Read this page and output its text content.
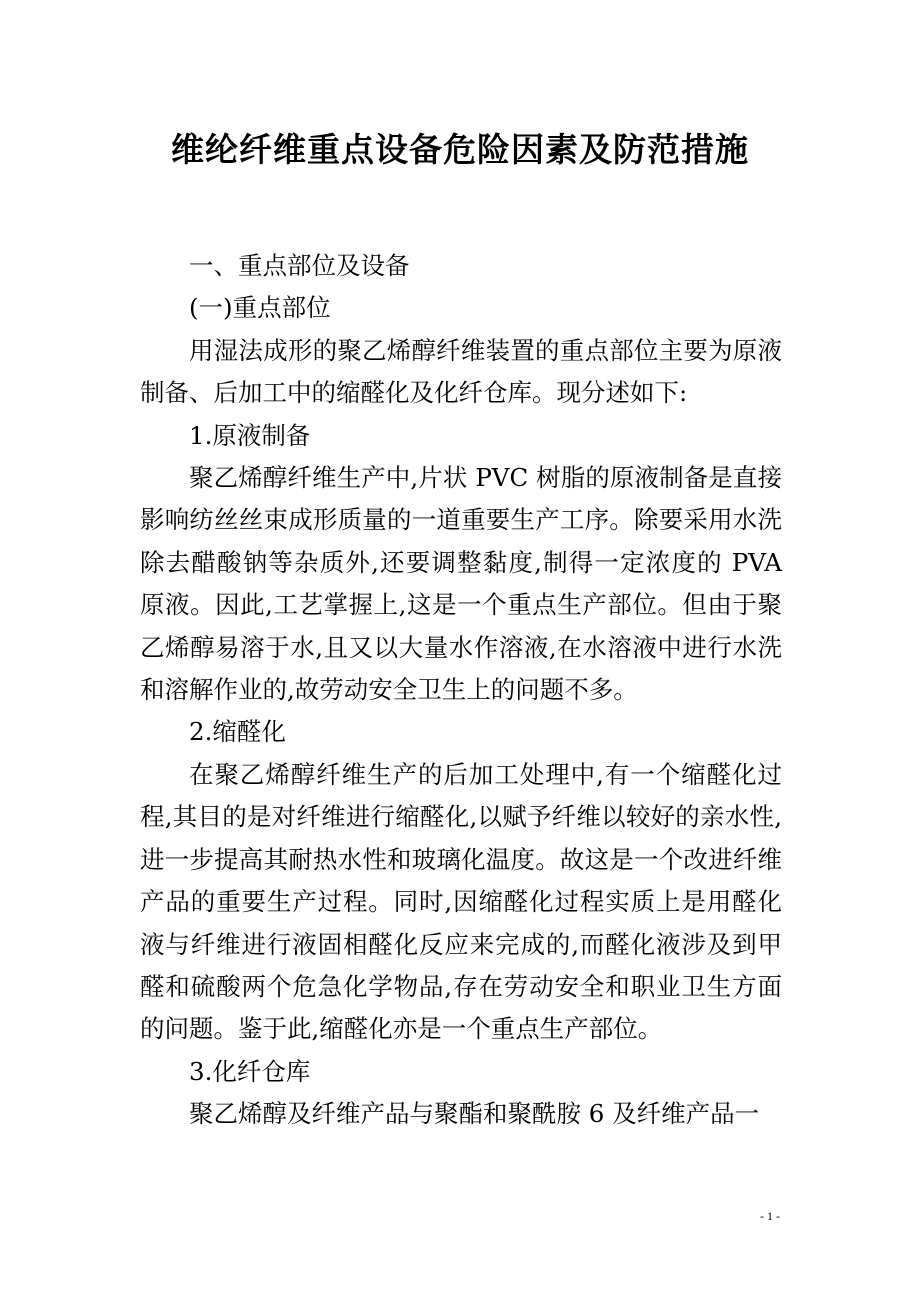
维纶纤维重点设备危险因素及防范措施

一、重点部位及设备

(一)重点部位

用湿法成形的聚乙烯醇纤维装置的重点部位主要为原液制备、后加工中的缩醛化及化纤仓库。现分述如下:

1.原液制备

聚乙烯醇纤维生产中,片状 PVC 树脂的原液制备是直接影响纺丝丝束成形质量的一道重要生产工序。除要采用水洗除去醋酸钠等杂质外,还要调整黏度,制得一定浓度的 PVA 原液。因此,工艺掌握上,这是一个重点生产部位。但由于聚乙烯醇易溶于水,且又以大量水作溶液,在水溶液中进行水洗和溶解作业的,故劳动安全卫生上的问题不多。

2.缩醛化

在聚乙烯醇纤维生产的后加工处理中,有一个缩醛化过程,其目的是对纤维进行缩醛化,以赋予纤维以较好的亲水性,进一步提高其耐热水性和玻璃化温度。故这是一个改进纤维产品的重要生产过程。同时,因缩醛化过程实质上是用醛化液与纤维进行液固相醛化反应来完成的,而醛化液涉及到甲醛和硫酸两个危急化学物品,存在劳动安全和职业卫生方面的问题。鉴于此,缩醛化亦是一个重点生产部位。

3.化纤仓库

聚乙烯醇及纤维产品与聚酯和聚酰胺 6 及纤维产品一

- 1 -
